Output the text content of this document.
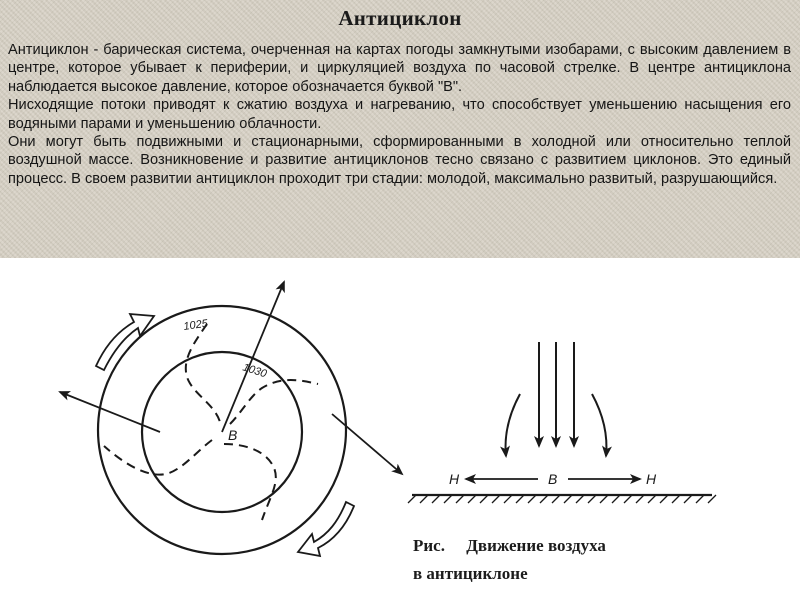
Антициклон

Антициклон - барическая система, очерченная на картах погоды замкнутыми изобарами, с высоким давлением в центре, которое убывает к периферии, и циркуляцией воздуха по часовой стрелке. В центре антициклона наблюдается высокое давление, которое обозначается буквой "В".

Нисходящие потоки приводят к сжатию воздуха и нагреванию, что способствует уменьшению насыщения его водяными парами и уменьшению облачности.

Они могут быть подвижными и стационарными, сформированными в холодной или относительно теплой воздушной массе. Возникновение и развитие антициклонов тесно связано с развитием циклонов. Это единый процесс. В своем развитии антициклон проходит три стадии: молодой, максимально развитый, разрушающийся.

1025
1030
B
H	B	H
Рис. Движение воздуха
в антициклоне
